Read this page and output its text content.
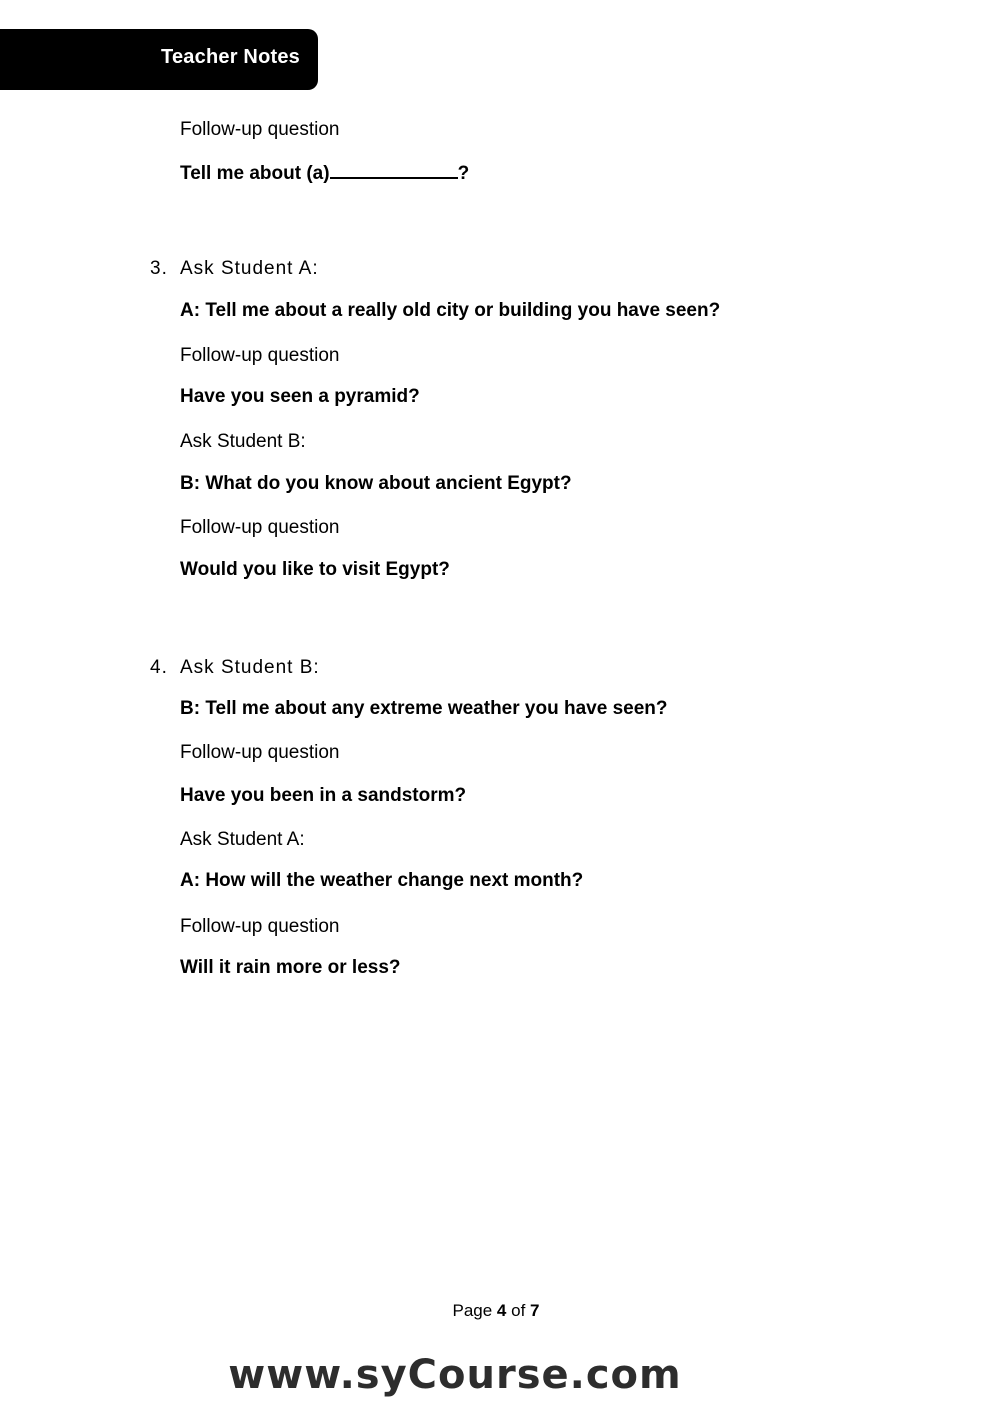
Teacher Notes
Follow-up question
Tell me about (a)	?
3. Ask Student A:
A: Tell me about a really old city or building you have seen?
Follow-up question
Have you seen a pyramid?
Ask Student B:
B: What do you know about ancient Egypt?
Follow-up question
Would you like to visit Egypt?
4. Ask Student B:
B: Tell me about any extreme weather you have seen?
Follow-up question
Have you been in a sandstorm?
Ask Student A:
A: How will the weather change next month?
Follow-up question
Will it rain more or less?
Page 4 of 7
www.syCourse.com
